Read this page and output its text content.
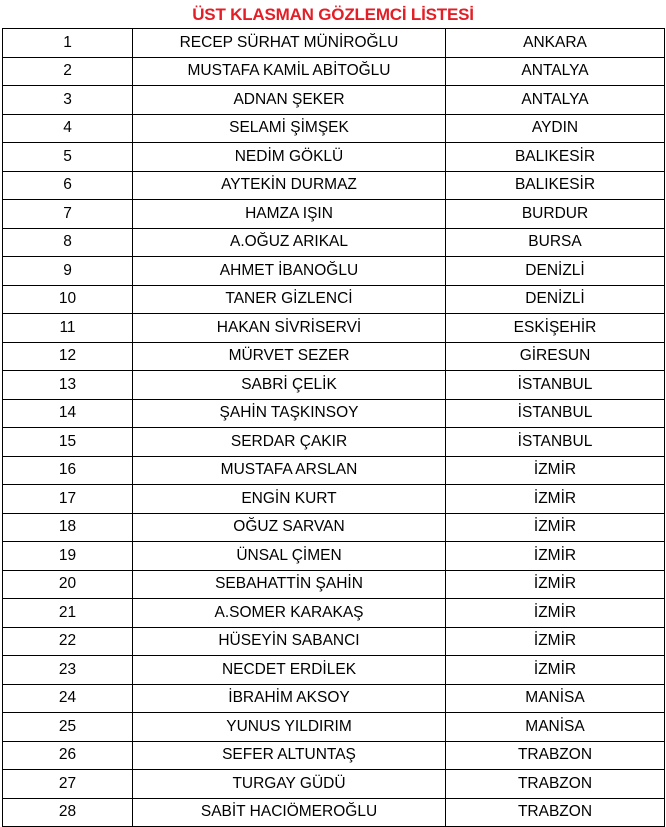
ÜST KLASMAN GÖZLEMCİ LİSTESİ
1	RECEP SÜRHAT MÜNİROĞLU	ANKARA
2	MUSTAFA KAMİL ABİTOĞLU	ANTALYA
3	ADNAN ŞEKER	ANTALYA
4	SELAMİ ŞİMŞEK	AYDIN
5	NEDİM GÖKLÜ	BALIKESİR
6	AYTEKİN DURMAZ	BALIKESİR
7	HAMZA IŞIN	BURDUR
8	A.OĞUZ ARIKAL	BURSA
9	AHMET İBANOĞLU	DENİZLİ
10	TANER GİZLENCİ	DENİZLİ
11	HAKAN SİVRİSERVİ	ESKİŞEHİR
12	MÜRVET SEZER	GİRESUN
13	SABRİ ÇELİK	İSTANBUL
14	ŞAHİN TAŞKINSOY	İSTANBUL
15	SERDAR ÇAKIR	İSTANBUL
16	MUSTAFA ARSLAN	İZMİR
17	ENGİN KURT	İZMİR
18	OĞUZ SARVAN	İZMİR
19	ÜNSAL ÇİMEN	İZMİR
20	SEBAHATTİN ŞAHİN	İZMİR
21	A.SOMER KARAKAŞ	İZMİR
22	HÜSEYİN SABANCI	İZMİR
23	NECDET ERDİLEK	İZMİR
24	İBRAHİM AKSOY	MANİSA
25	YUNUS YILDIRIM	MANİSA
26	SEFER ALTUNTAŞ	TRABZON
27	TURGAY GÜDÜ	TRABZON
28	SABİT HACIÖMEROĞLU	TRABZON
